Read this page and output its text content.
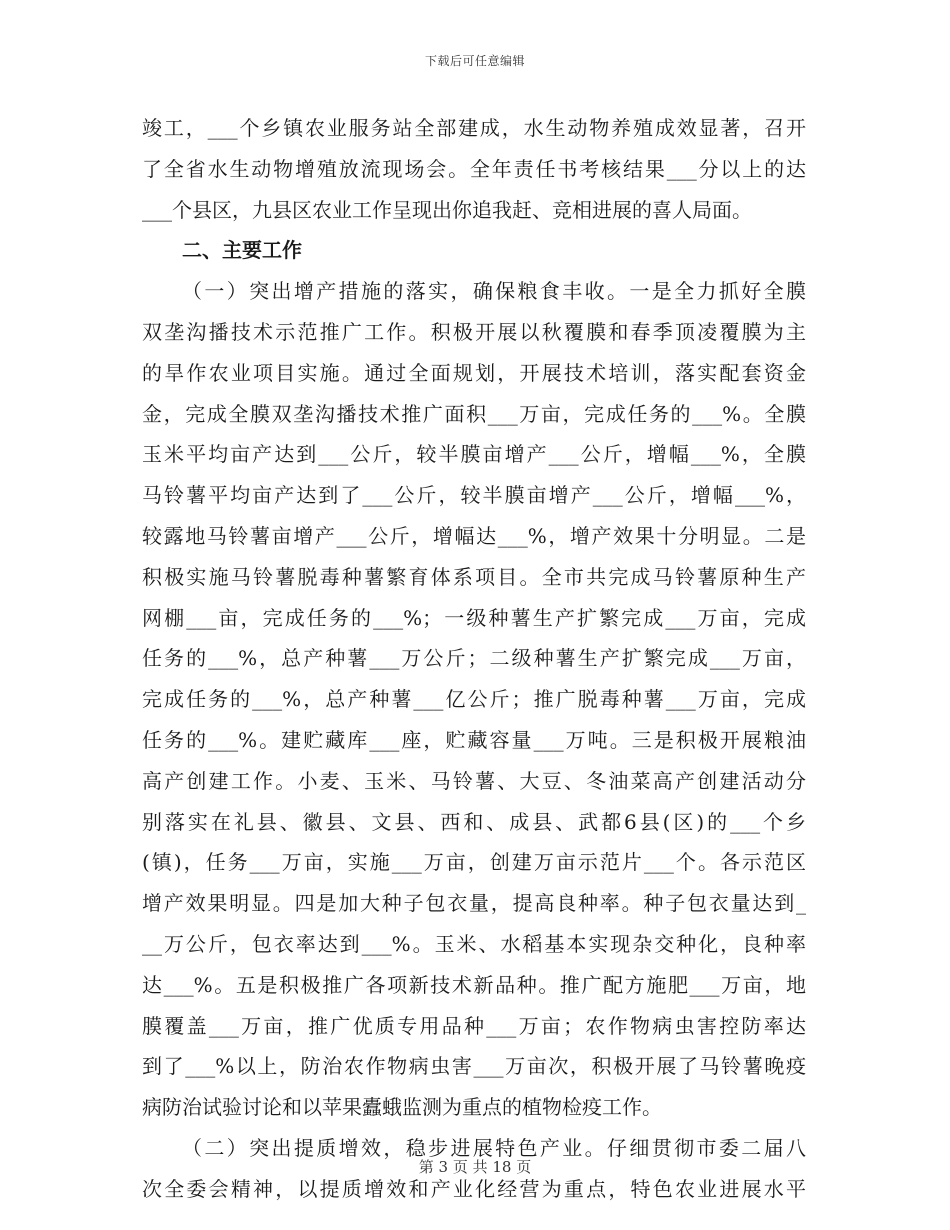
下载后可任意编辑
竣工，___个乡镇农业服务站全部建成，水生动物养殖成效显著，召开
了全省水生动物增殖放流现场会。全年责任书考核结果___分以上的达
___个县区，九县区农业工作呈现出你追我赶、竞相进展的喜人局面。
二、主要工作
（一）突出增产措施的落实，确保粮食丰收。一是全力抓好全膜
双垄沟播技术示范推广工作。积极开展以秋覆膜和春季顶凌覆膜为主
的旱作农业项目实施。通过全面规划，开展技术培训，落实配套资金
金，完成全膜双垄沟播技术推广面积___万亩，完成任务的___%。全膜
玉米平均亩产达到___公斤，较半膜亩增产___公斤，增幅___%，全膜
马铃薯平均亩产达到了___公斤，较半膜亩增产___公斤，增幅___%，
较露地马铃薯亩增产___公斤，增幅达___%，增产效果十分明显。二是
积极实施马铃薯脱毒种薯繁育体系项目。全市共完成马铃薯原种生产
网棚___亩，完成任务的___%；一级种薯生产扩繁完成___万亩，完成
任务的___%，总产种薯___万公斤；二级种薯生产扩繁完成___万亩，
完成任务的___%，总产种薯___亿公斤；推广脱毒种薯___万亩，完成
任务的___%。建贮藏库___座，贮藏容量___万吨。三是积极开展粮油
高产创建工作。小麦、玉米、马铃薯、大豆、冬油菜高产创建活动分
别落实在礼县、徽县、文县、西和、成县、武都6县(区)的___个乡
(镇)，任务___万亩，实施___万亩，创建万亩示范片___个。各示范区
增产效果明显。四是加大种子包衣量，提高良种率。种子包衣量达到_
__万公斤，包衣率达到___%。玉米、水稻基本实现杂交种化，良种率
达___%。五是积极推广各项新技术新品种。推广配方施肥___万亩，地
膜覆盖___万亩，推广优质专用品种___万亩；农作物病虫害控防率达
到了___%以上，防治农作物病虫害___万亩次，积极开展了马铃薯晚疫
病防治试验讨论和以苹果蠹蛾监测为重点的植物检疫工作。
（二）突出提质增效，稳步进展特色产业。仔细贯彻市委二届八
次全委会精神，以提质增效和产业化经营为重点，特色农业进展水平
第 3 页 共 18 页
